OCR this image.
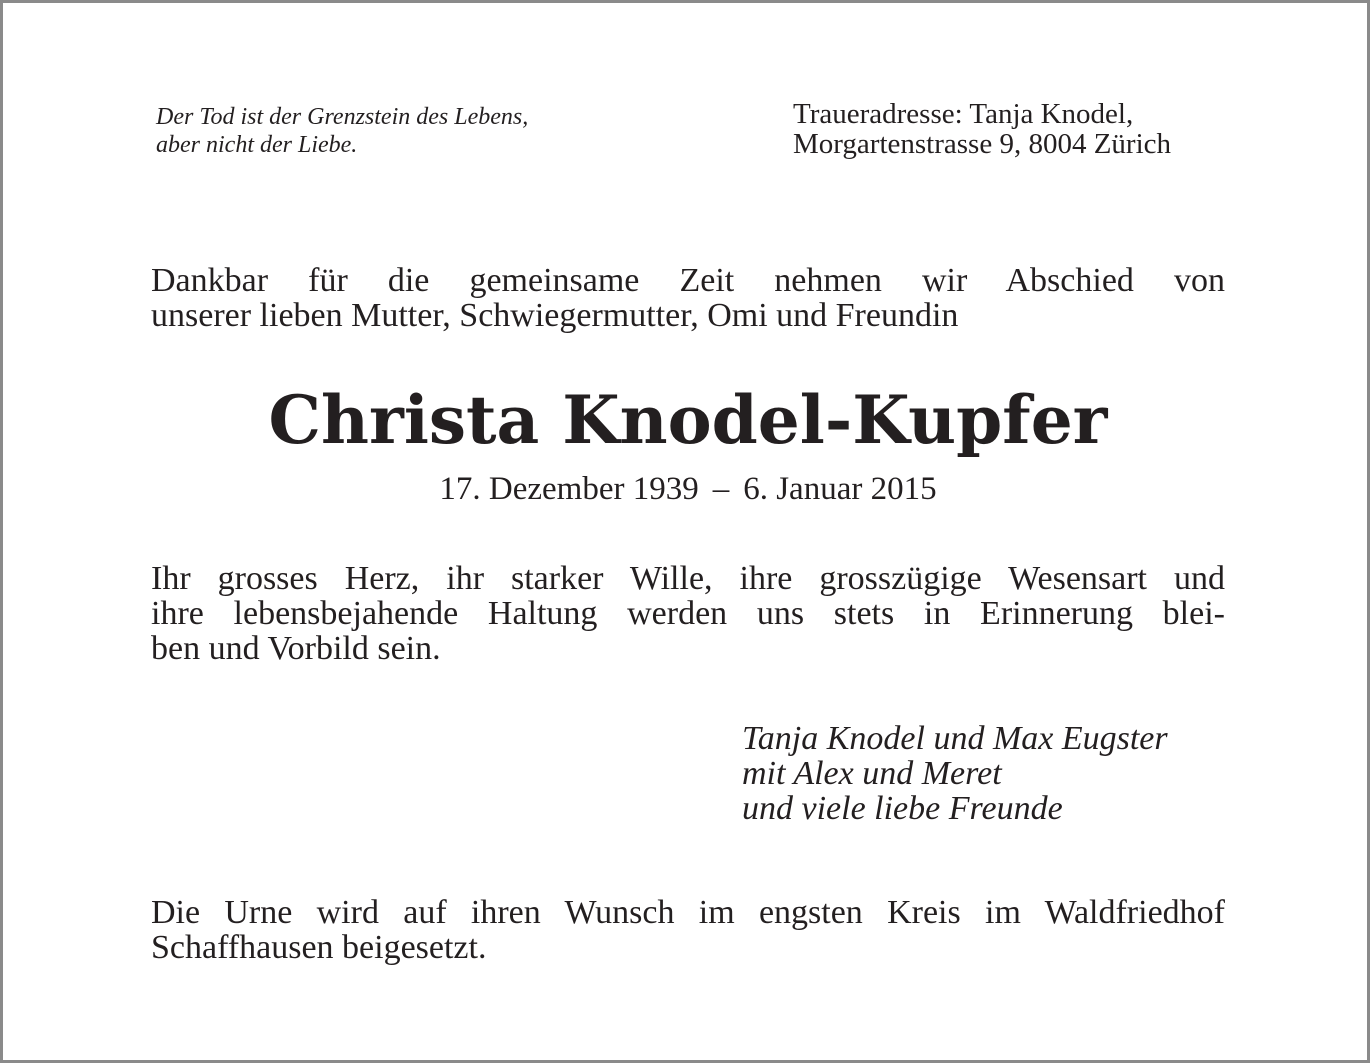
Der Tod ist der Grenzstein des Lebens,
aber nicht der Liebe.
Traueradresse: Tanja Knodel,
Morgartenstrasse 9, 8004 Zürich
Dankbar für die gemeinsame Zeit nehmen wir Abschied von
unserer lieben Mutter, Schwiegermutter, Omi und Freundin
Christa Knodel-Kupfer
17. Dezember 1939 – 6. Januar 2015
Ihr grosses Herz, ihr starker Wille, ihre grosszügige Wesensart und
ihre lebensbejahende Haltung werden uns stets in Erinnerung blei-
ben und Vorbild sein.
Tanja Knodel und Max Eugster
mit Alex und Meret
und viele liebe Freunde
Die Urne wird auf ihren Wunsch im engsten Kreis im Waldfriedhof
Schaffhausen beigesetzt.
